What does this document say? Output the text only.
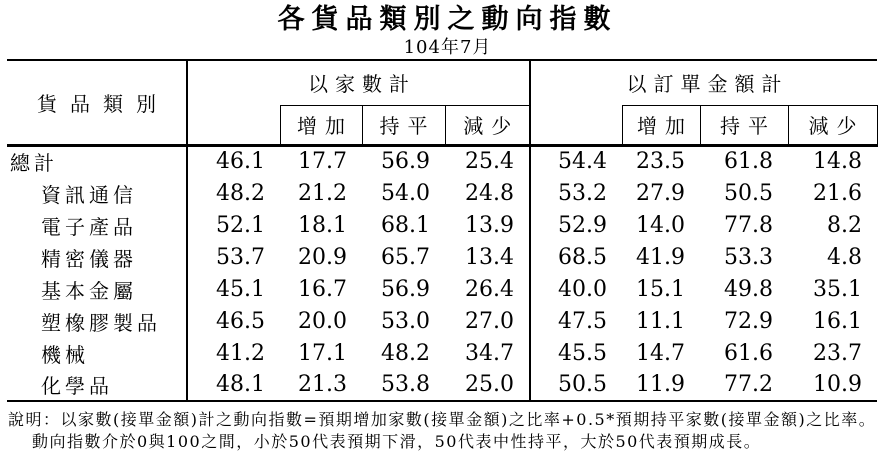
各貨品類別之動向指數
104年7月
貨品類別	以家數計				以訂單金額計			
		增加	持平	減少		增加	持平	減少
總計	46.1	17.7	56.9	25.4	54.4	23.5	61.8	14.8
資訊通信	48.2	21.2	54.0	24.8	53.2	27.9	50.5	21.6
電子產品	52.1	18.1	68.1	13.9	52.9	14.0	77.8	8.2
精密儀器	53.7	20.9	65.7	13.4	68.5	41.9	53.3	4.8
基本金屬	45.1	16.7	56.9	26.4	40.0	15.1	49.8	35.1
塑橡膠製品	46.5	20.0	53.0	27.0	47.5	11.1	72.9	16.1
機械	41.2	17.1	48.2	34.7	45.5	14.7	61.6	23.7
化學品	48.1	21.3	53.8	25.0	50.5	11.9	77.2	10.9
說明：以家數(接單金額)計之動向指數=預期增加家數(接單金額)之比率+0.5*預期持平家數(接單金額)之比率。
動向指數介於0與100之間，小於50代表預期下滑，50代表中性持平，大於50代表預期成長。
